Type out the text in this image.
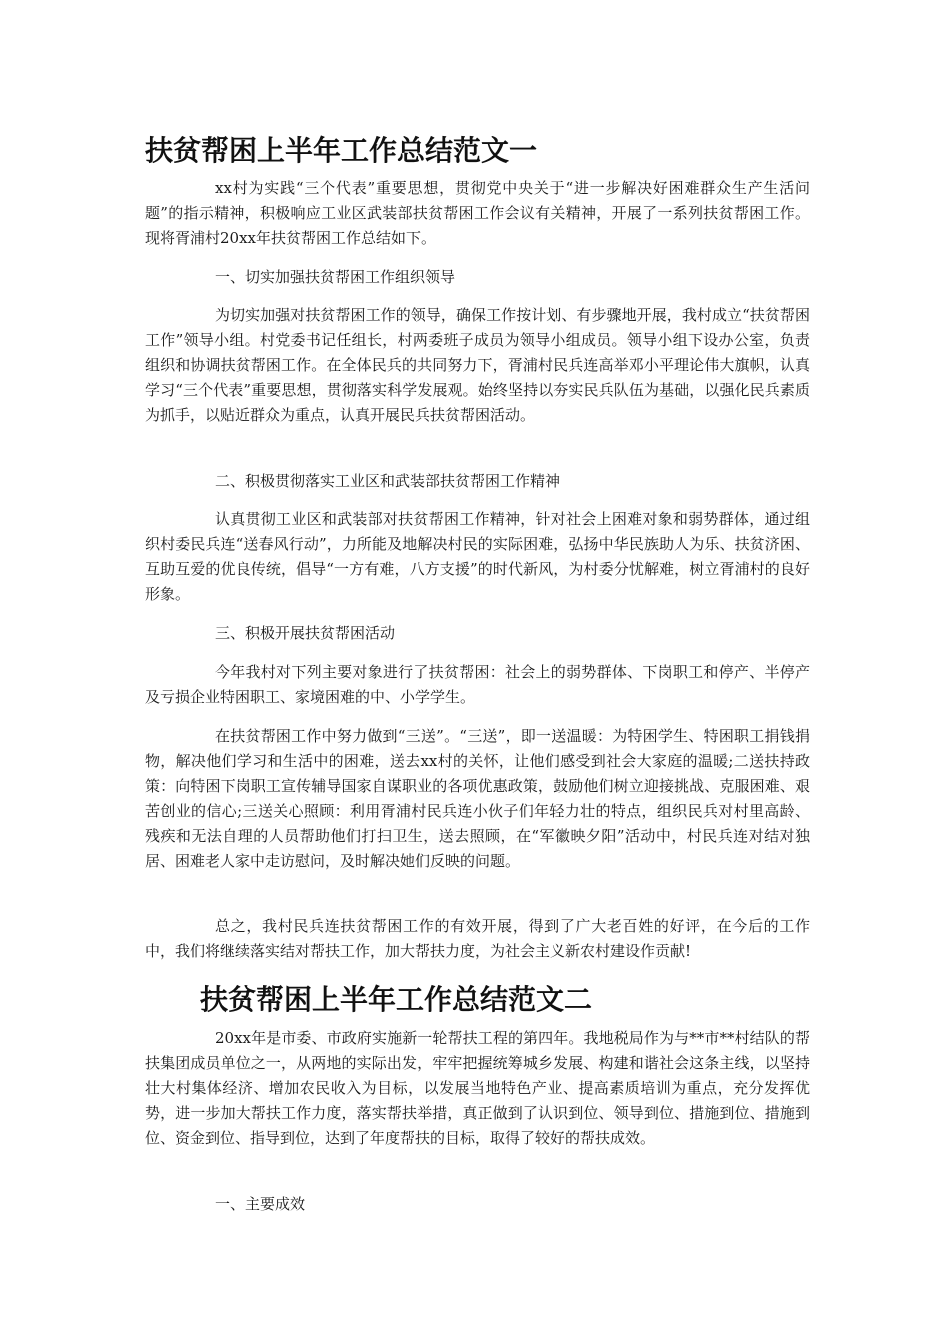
扶贫帮困上半年工作总结范文一

xx村为实践“三个代表”重要思想，贯彻党中央关于“进一步解决好困难群众生产生活问题”的指示精神，积极响应工业区武装部扶贫帮困工作会议有关精神，开展了一系列扶贫帮困工作。现将胥浦村20xx年扶贫帮困工作总结如下。

一、切实加强扶贫帮困工作组织领导

为切实加强对扶贫帮困工作的领导，确保工作按计划、有步骤地开展，我村成立“扶贫帮困工作”领导小组。村党委书记任组长，村两委班子成员为领导小组成员。领导小组下设办公室，负责组织和协调扶贫帮困工作。在全体民兵的共同努力下，胥浦村民兵连高举邓小平理论伟大旗帜，认真学习“三个代表”重要思想，贯彻落实科学发展观。始终坚持以夯实民兵队伍为基础，以强化民兵素质为抓手，以贴近群众为重点，认真开展民兵扶贫帮困活动。

二、积极贯彻落实工业区和武装部扶贫帮困工作精神

认真贯彻工业区和武装部对扶贫帮困工作精神，针对社会上困难对象和弱势群体，通过组织村委民兵连“送春风行动”，力所能及地解决村民的实际困难，弘扬中华民族助人为乐、扶贫济困、互助互爱的优良传统，倡导“一方有难，八方支援”的时代新风，为村委分忧解难，树立胥浦村的良好形象。

三、积极开展扶贫帮困活动

今年我村对下列主要对象进行了扶贫帮困：社会上的弱势群体、下岗职工和停产、半停产及亏损企业特困职工、家境困难的中、小学学生。

在扶贫帮困工作中努力做到“三送”。“三送”，即一送温暖：为特困学生、特困职工捐钱捐物，解决他们学习和生活中的困难，送去xx村的关怀，让他们感受到社会大家庭的温暖;二送扶持政策：向特困下岗职工宣传辅导国家自谋职业的各项优惠政策，鼓励他们树立迎接挑战、克服困难、艰苦创业的信心;三送关心照顾：利用胥浦村民兵连小伙子们年轻力壮的特点，组织民兵对村里高龄、残疾和无法自理的人员帮助他们打扫卫生，送去照顾，在“军徽映夕阳”活动中，村民兵连对结对独居、困难老人家中走访慰问，及时解决她们反映的问题。

总之，我村民兵连扶贫帮困工作的有效开展，得到了广大老百姓的好评，在今后的工作中，我们将继续落实结对帮扶工作，加大帮扶力度，为社会主义新农村建设作贡献!

扶贫帮困上半年工作总结范文二

20xx年是市委、市政府实施新一轮帮扶工程的第四年。我地税局作为与**市**村结队的帮扶集团成员单位之一，从两地的实际出发，牢牢把握统筹城乡发展、构建和谐社会这条主线，以坚持壮大村集体经济、增加农民收入为目标，以发展当地特色产业、提高素质培训为重点，充分发挥优势，进一步加大帮扶工作力度，落实帮扶举措，真正做到了认识到位、领导到位、措施到位、措施到位、资金到位、指导到位，达到了年度帮扶的目标，取得了较好的帮扶成效。

一、主要成效
